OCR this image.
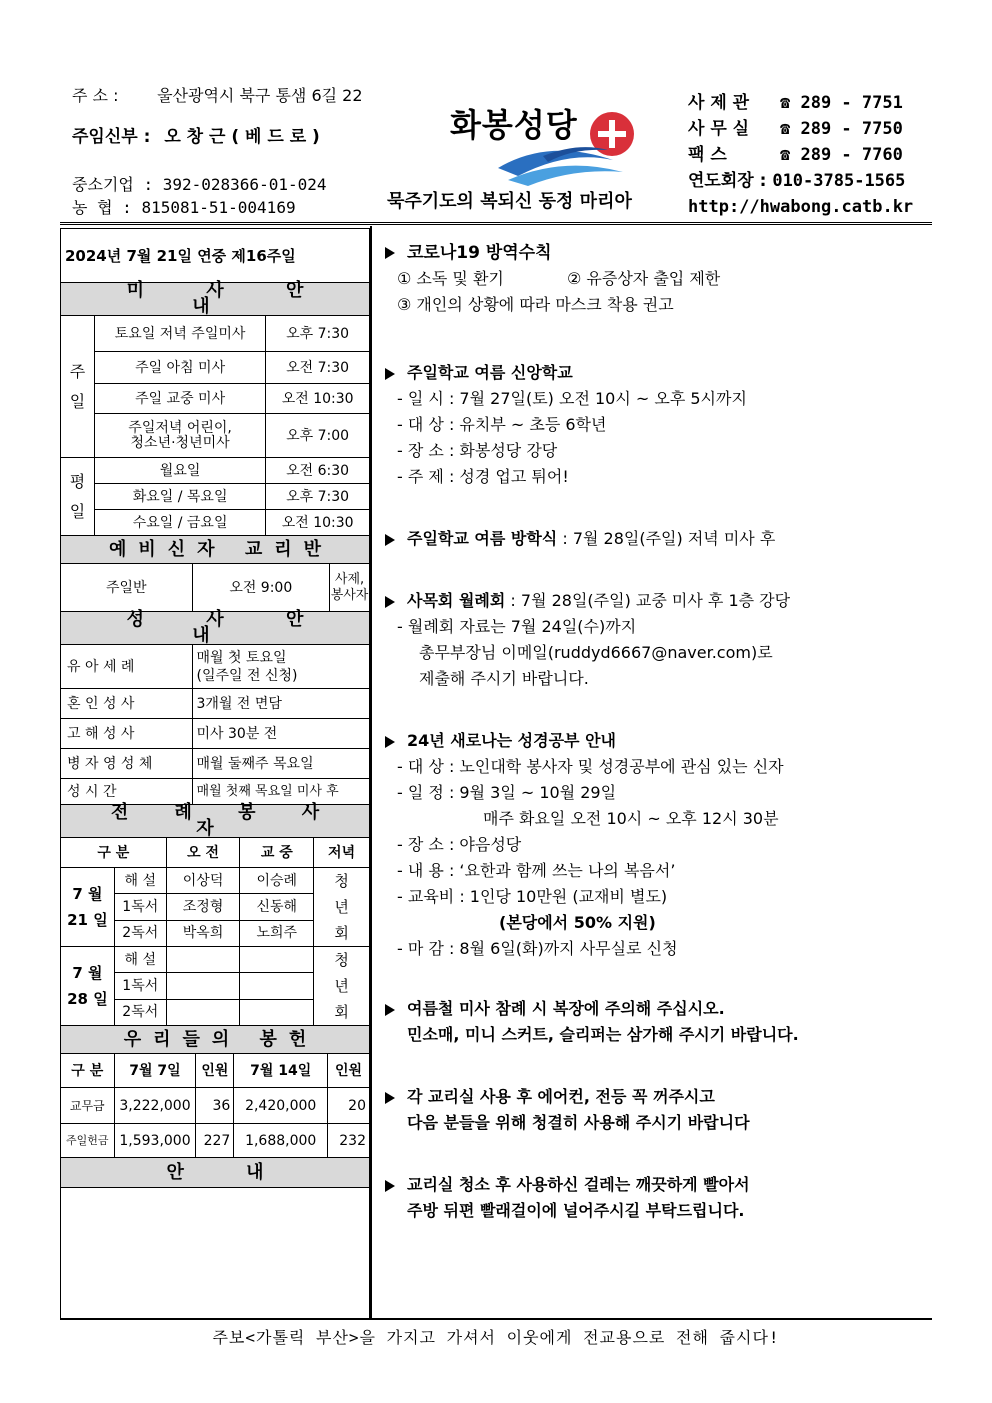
주 소 : 울산광역시 북구 통샘 6길 22
주임신부 : 오 창 근 ( 베 드 로 )
중소기업 : 392-028366-01-024
농 협 : 815081-51-004169
화봉성당
묵주기도의 복되신 동정 마리아
사 제 관 ☎ 289 - 7751
사 무 실 ☎ 289 - 7750
팩 스	☎ 289 - 7760
연도회장 : 010-3785-1565
http://hwabong.catb.kr
2024년 7월 21일 연중 제16주일				
미 사 안 내				
주
일	토요일 저녁 주일미사		오후 7:30	
	주일 아침 미사		오전 7:30	
	주일 교중 미사		오전 10:30	
	주일저녁 어린이,
청소년·청년미사		오후 7:00	
평
일	월요일		오전 6:30	
	화요일 / 목요일		오후 7:30	
	수요일 / 금요일		오전 10:30	
예비신자 교리반				
주일반		오전 9:00		사제,
봉사자
성 사 안 내				
유 아 세 례		매월 첫 토요일
(일주일 전 신청)		
혼 인 성 사		3개월 전 면담		
고 해 성 사		미사 30분 전		
병 자 영 성 체		매월 둘째주 목요일		
성 시 간		매월 첫째 목요일 미사 후		
전 례 봉 사 자				
구 분		오 전	교 중	저녁
7 월
21 일	해 설	이상덕	이승례	청
년
회
	1독서	조정형	신동해	
	2독서	박옥희	노희주	
7 월
28 일	해 설			청
년
회
	1독서			
	2독서			
우리들의 봉헌				
구 분	7월 7일	인원	7월 14일	인원
교무금	3,222,000	36	2,420,000	20
주일헌금	1,593,000	227	1,688,000	232
안 내				

코로나19 방역수칙
① 소독 및 환기	② 유증상자 출입 제한
③ 개인의 상황에 따라 마스크 착용 권고
주일학교 여름 신앙학교
- 일 시 : 7월 27일(토) 오전 10시 ~ 오후 5시까지
- 대 상 : 유치부 ~ 초등 6학년
- 장 소 : 화봉성당 강당
- 주 제 : 성경 업고 튀어!
주일학교 여름 방학식 : 7월 28일(주일) 저녁 미사 후
사목회 월례회 : 7월 28일(주일) 교중 미사 후 1층 강당
- 월례회 자료는 7월 24일(수)까지
총무부장님 이메일(ruddyd6667@naver.com)로
제출해 주시기 바랍니다.
24년 새로나는 성경공부 안내
- 대 상 : 노인대학 봉사자 및 성경공부에 관심 있는 신자
- 일 정 : 9월 3일 ~ 10월 29일
매주 화요일 오전 10시 ~ 오후 12시 30분
- 장 소 : 야음성당
- 내 용 : ‘요한과 함께 쓰는 나의 복음서’
- 교육비 : 1인당 10만원 (교재비 별도)
(본당에서 50% 지원)
- 마 감 : 8월 6일(화)까지 사무실로 신청
여름철 미사 참례 시 복장에 주의해 주십시오.
민소매, 미니 스커트, 슬리퍼는 삼가해 주시기 바랍니다.
각 교리실 사용 후 에어컨, 전등 꼭 꺼주시고
다음 분들을 위해 청결히 사용해 주시기 바랍니다
교리실 청소 후 사용하신 걸레는 깨끗하게 빨아서
주방 뒤편 빨래걸이에 널어주시길 부탁드립니다.
주보<가톨릭 부산>을 가지고 가셔서 이웃에게 전교용으로 전해 줍시다!
